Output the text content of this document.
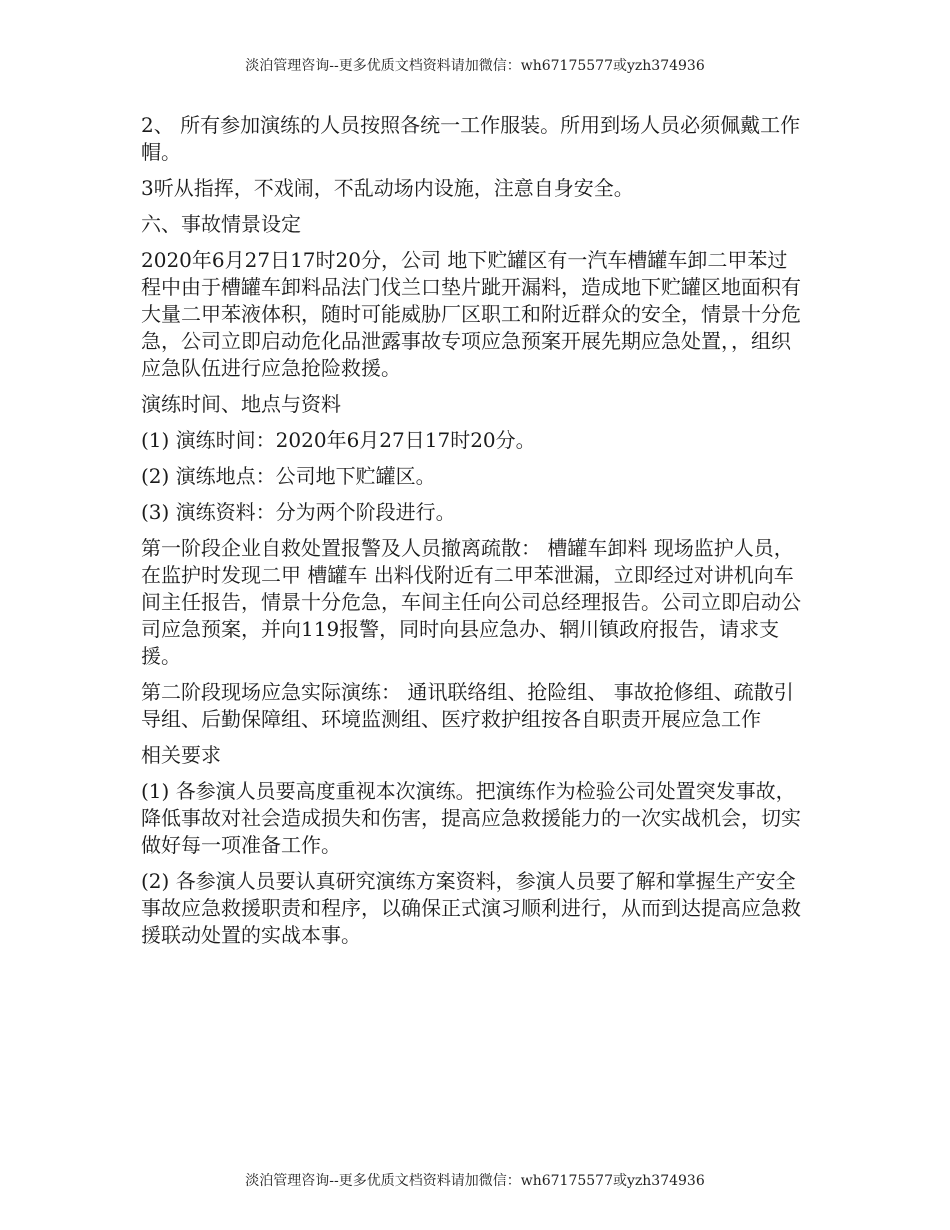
淡泊管理咨询--更多优质文档资料请加微信：wh67175577或yzh374936

2、 所有参加演练的人员按照各统一工作服装。所用到场人员必须佩戴工作帽。

3听从指挥，不戏闹，不乱动场内设施，注意自身安全。

六、事故情景设定

2020年6月27日17时20分，公司 地下贮罐区有一汽车槽罐车卸二甲苯过程中由于槽罐车卸料品法门伐兰口垫片跐开漏料，造成地下贮罐区地面积有大量二甲苯液体积，随时可能威胁厂区职工和附近群众的安全，情景十分危急，公司立即启动危化品泄露事故专项应急预案开展先期应急处置，，组织应急队伍进行应急抢险救援。

演练时间、地点与资料

(1) 演练时间：2020年6月27日17时20分。

(2) 演练地点：公司地下贮罐区。

(3) 演练资料：分为两个阶段进行。

第一阶段企业自救处置报警及人员撤离疏散： 槽罐车卸料 现场监护人员，在监护时发现二甲 槽罐车 出料伐附近有二甲苯泄漏，立即经过对讲机向车间主任报告，情景十分危急，车间主任向公司总经理报告。公司立即启动公司应急预案，并向119报警，同时向县应急办、辋川镇政府报告，请求支援。

第二阶段现场应急实际演练： 通讯联络组、抢险组、 事故抢修组、疏散引导组、后勤保障组、环境监测组、医疗救护组按各自职责开展应急工作

相关要求

(1) 各参演人员要高度重视本次演练。把演练作为检验公司处置突发事故，降低事故对社会造成损失和伤害，提高应急救援能力的一次实战机会，切实做好每一项准备工作。

(2) 各参演人员要认真研究演练方案资料，参演人员要了解和掌握生产安全事故应急救援职责和程序，以确保正式演习顺利进行，从而到达提高应急救援联动处置的实战本事。

淡泊管理咨询--更多优质文档资料请加微信：wh67175577或yzh374936
